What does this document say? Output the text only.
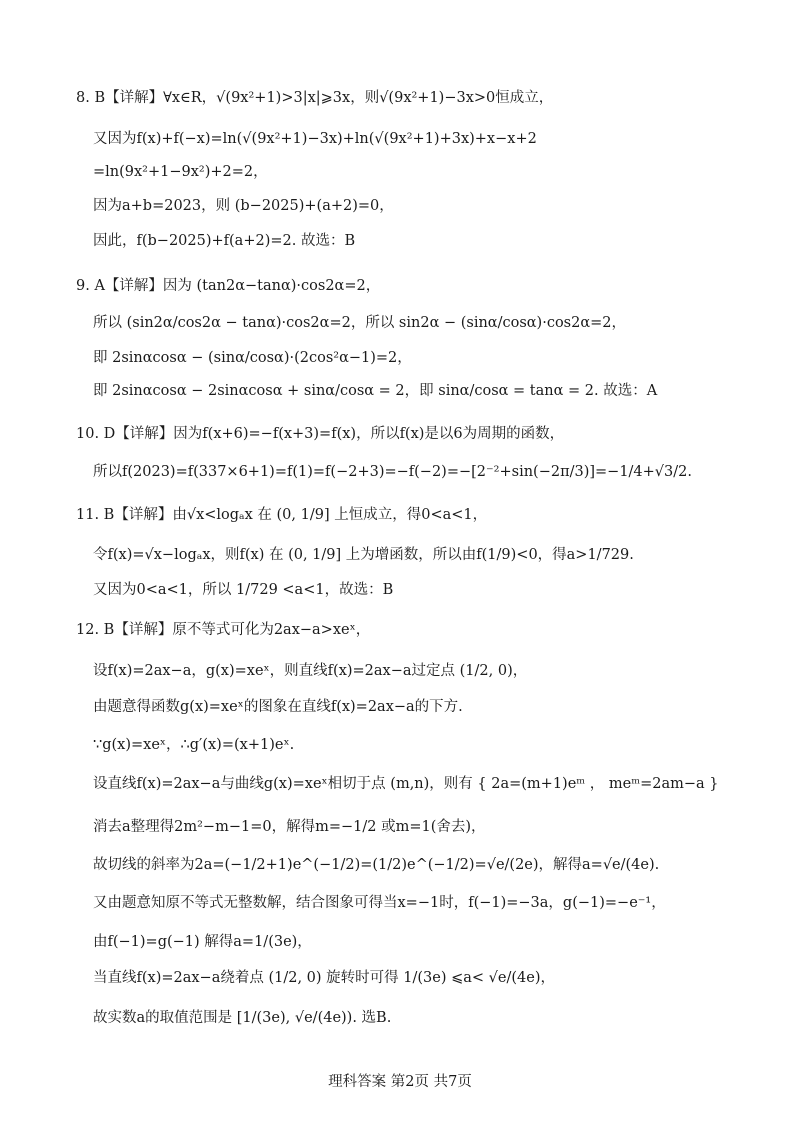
8. B【详解】∀x∈R，√(9x²+1)>3|x|⩾3x，则√(9x²+1)−3x>0恒成立，
又因为f(x)+f(−x)=ln(√(9x²+1)−3x)+ln(√(9x²+1)+3x)+x−x+2
=ln(9x²+1−9x²)+2=2，
因为a+b=2023，则 (b−2025)+(a+2)=0，
因此，f(b−2025)+f(a+2)=2. 故选：B
9. A【详解】因为 (tan2α−tanα)·cos2α=2，
所以 (sin2α/cos2α − tanα)·cos2α=2，所以 sin2α − (sinα/cosα)·cos2α=2，
即 2sinαcosα − (sinα/cosα)·(2cos²α−1)=2，
即 2sinαcosα − 2sinαcosα + sinα/cosα = 2，即 sinα/cosα = tanα = 2. 故选：A
10. D【详解】因为f(x+6)=−f(x+3)=f(x)，所以f(x)是以6为周期的函数，
所以f(2023)=f(337×6+1)=f(1)=f(−2+3)=−f(−2)=−[2⁻²+sin(−2π/3)]=−1/4+√3/2.
11. B【详解】由√x<logₐx 在 (0, 1/9] 上恒成立，得0<a<1，
令f(x)=√x−logₐx，则f(x) 在 (0, 1/9] 上为增函数，所以由f(1/9)<0，得a>1/729.
又因为0<a<1，所以 1/729 <a<1，故选：B
12. B【详解】原不等式可化为2ax−a>xeˣ，
设f(x)=2ax−a，g(x)=xeˣ，则直线f(x)=2ax−a过定点 (1/2, 0)，
由题意得函数g(x)=xeˣ的图象在直线f(x)=2ax−a的下方.
∵g(x)=xeˣ，∴g′(x)=(x+1)eˣ.
设直线f(x)=2ax−a与曲线g(x)=xeˣ相切于点 (m,n)，则有 { 2a=(m+1)eᵐ ， meᵐ=2am−a }
消去a整理得2m²−m−1=0，解得m=−1/2 或m=1(舍去)，
故切线的斜率为2a=(−1/2+1)e^(−1/2)=(1/2)e^(−1/2)=√e/(2e)，解得a=√e/(4e).
又由题意知原不等式无整数解，结合图象可得当x=−1时，f(−1)=−3a，g(−1)=−e⁻¹，
由f(−1)=g(−1) 解得a=1/(3e)，
当直线f(x)=2ax−a绕着点 (1/2, 0) 旋转时可得 1/(3e) ⩽a< √e/(4e)，
故实数a的取值范围是 [1/(3e), √e/(4e)). 选B.
理科答案 第2页 共7页
